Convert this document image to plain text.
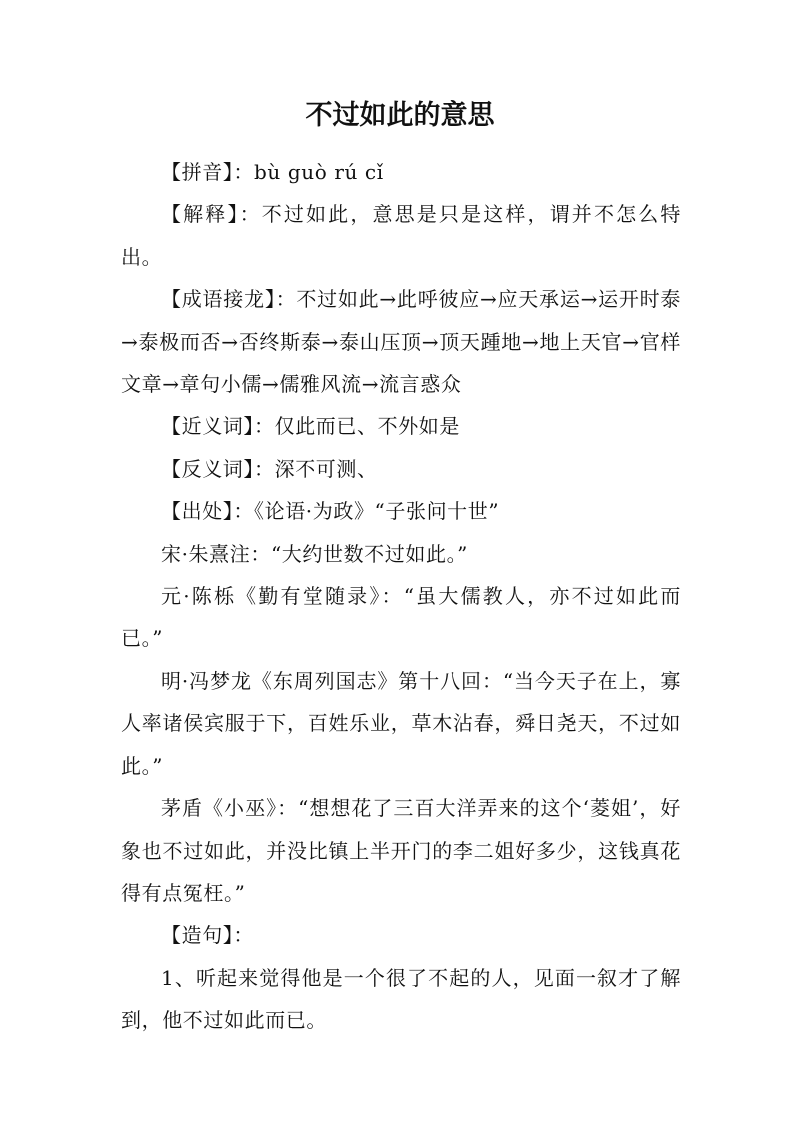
不过如此的意思

【拼音】：bù guò rú cǐ

【解释】：不过如此，意思是只是这样，谓并不怎么特出。

【成语接龙】：不过如此→此呼彼应→应天承运→运开时泰→泰极而否→否终斯泰→泰山压顶→顶天踵地→地上天官→官样文章→章句小儒→儒雅风流→流言惑众

【近义词】：仅此而已、不外如是

【反义词】：深不可测、

【出处】：《论语·为政》“子张问十世”

宋·朱熹注：“大约世数不过如此。”

元·陈栎《勤有堂随录》：“虽大儒教人，亦不过如此而已。”

明·冯梦龙《东周列国志》第十八回：“当今天子在上，寡人率诸侯宾服于下，百姓乐业，草木沾春，舜日尧天，不过如此。”

茅盾《小巫》：“想想花了三百大洋弄来的这个‘菱姐’，好象也不过如此，并没比镇上半开门的李二姐好多少，这钱真花得有点冤枉。”

【造句】：

1、听起来觉得他是一个很了不起的人，见面一叙才了解到，他不过如此而已。
